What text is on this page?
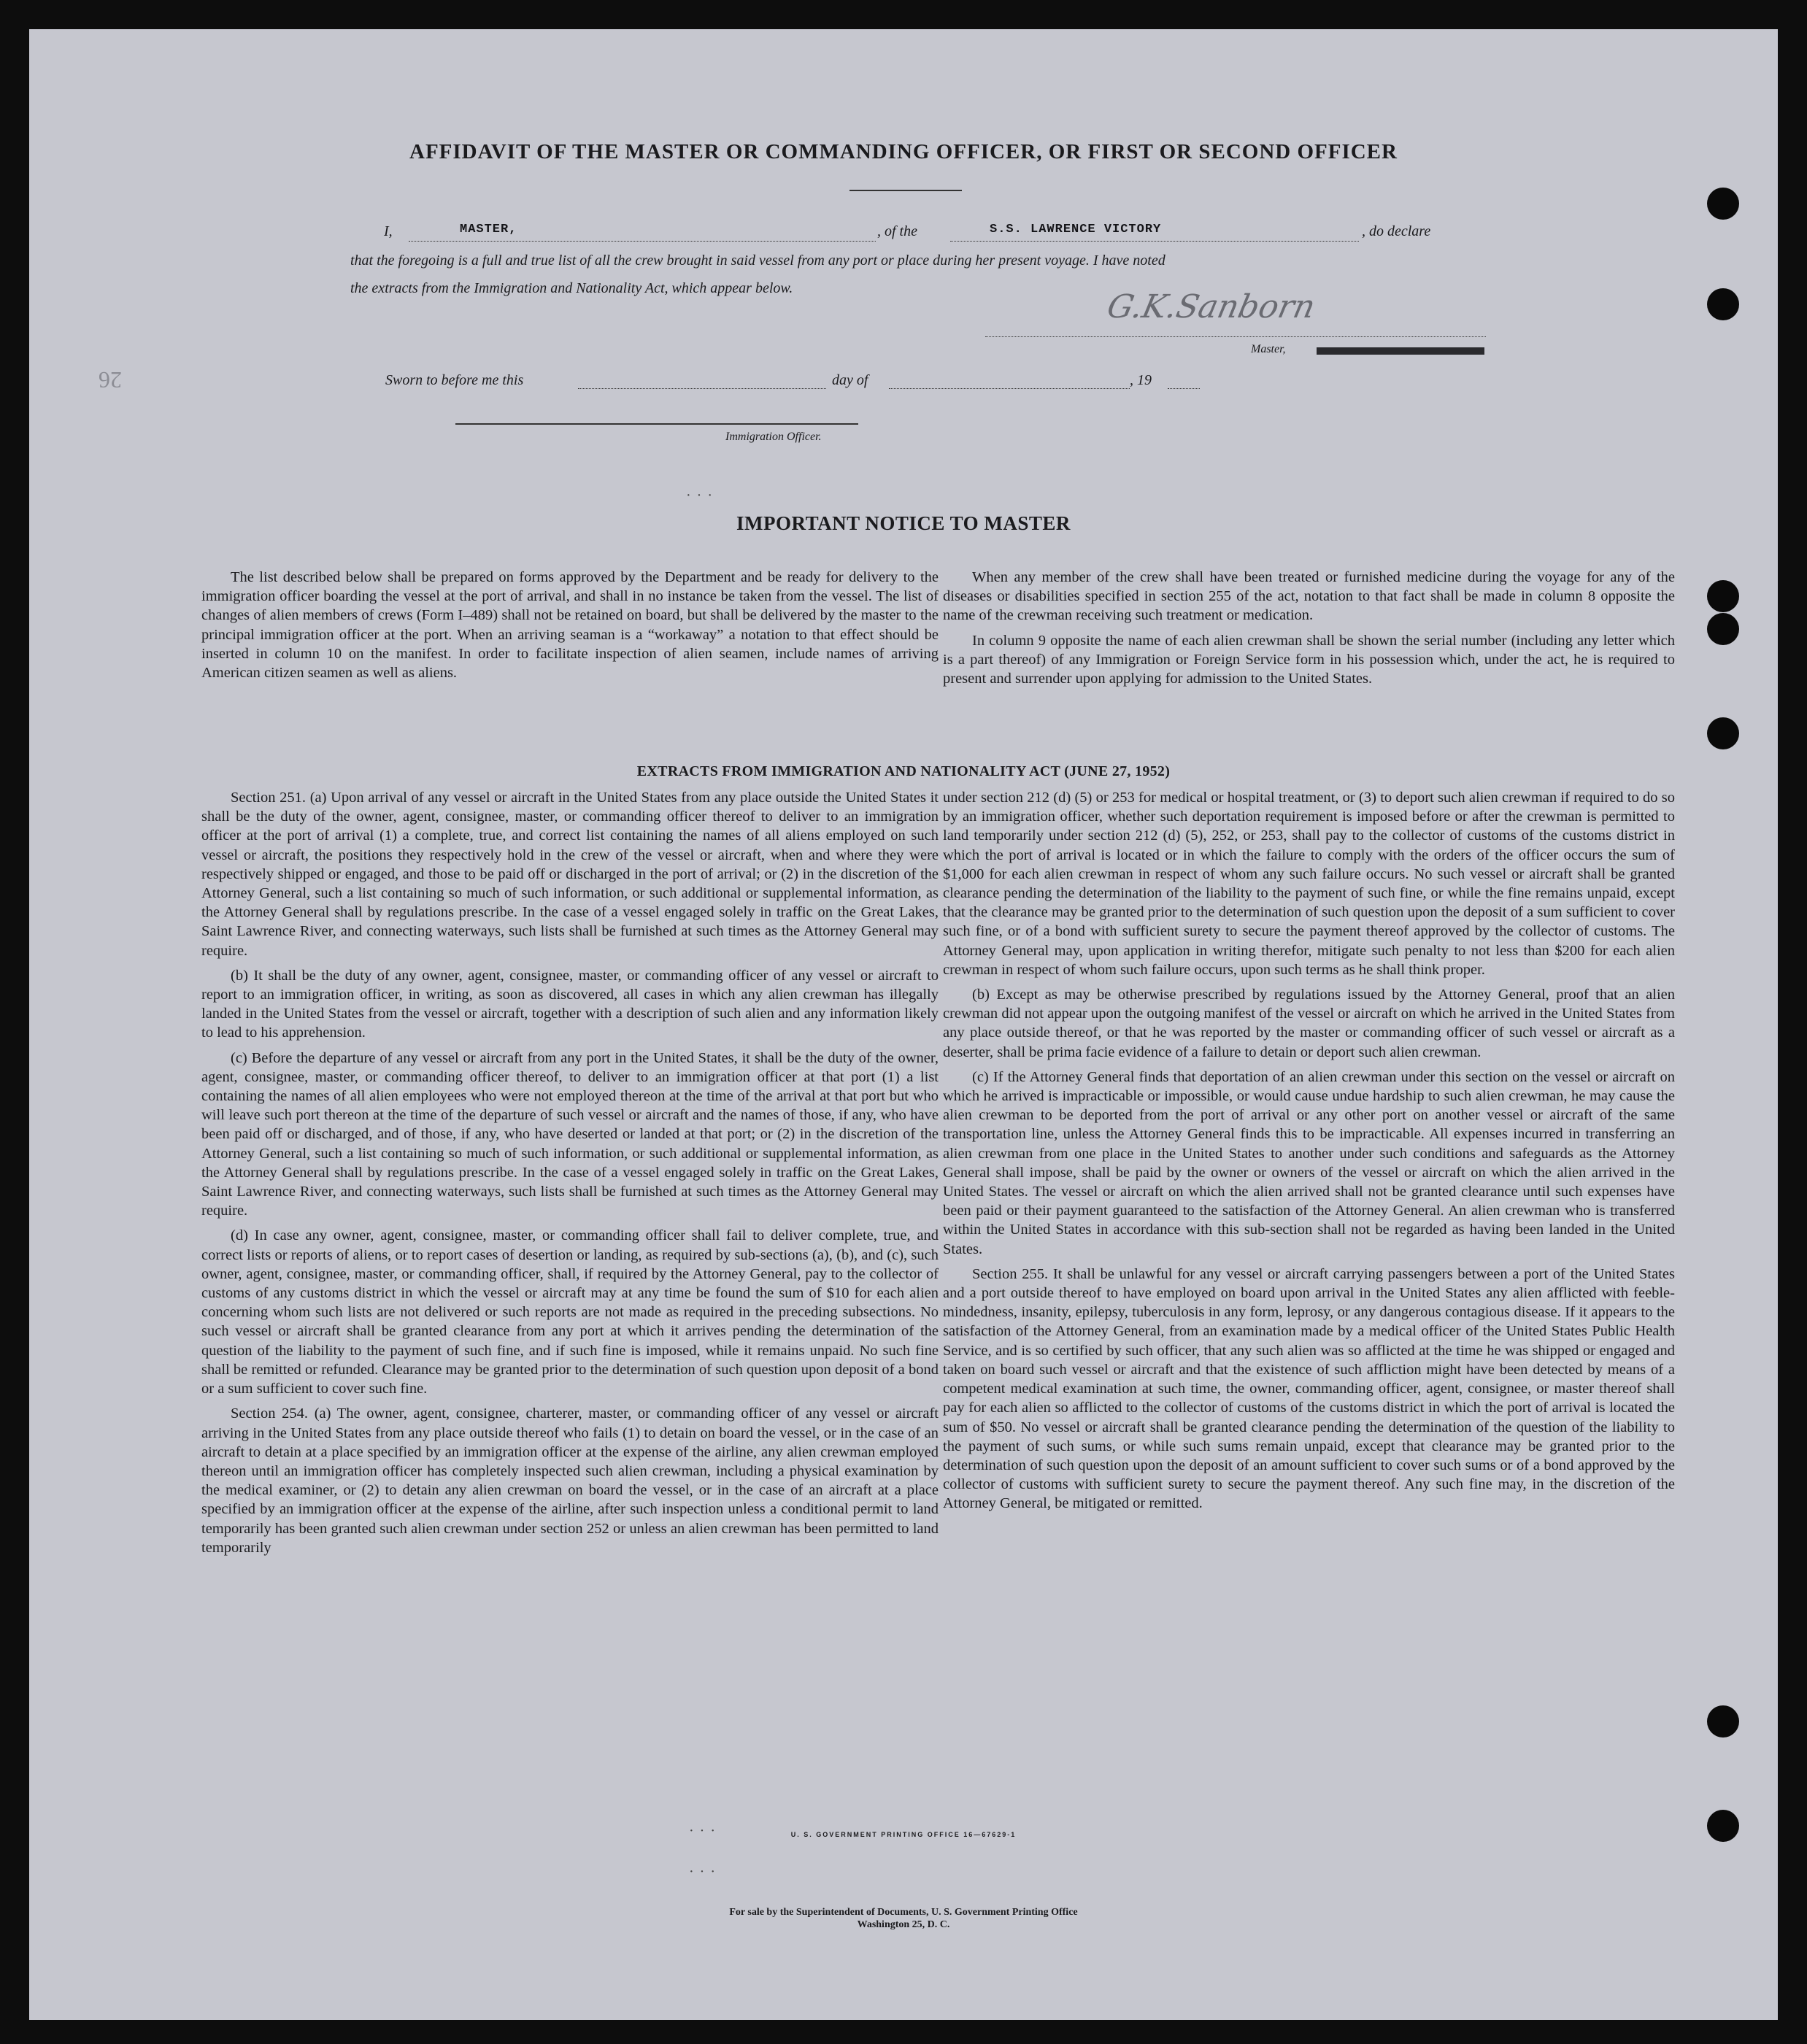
26
AFFIDAVIT OF THE MASTER OR COMMANDING OFFICER, OR FIRST OR SECOND OFFICER
I,	MASTER,	, of the	S.S. LAWRENCE VICTORY	, do declare
that the foregoing is a full and true list of all the crew brought in said vessel from any port or place during her present voyage. I have noted
the extracts from the Immigration and Nationality Act, which appear below.	G.K.Sanborn
Master,
Sworn to before me this	day of	, 19
Immigration Officer.
···
IMPORTANT NOTICE TO MASTER

The list described below shall be prepared on forms approved by the Department and be ready for delivery to the immigration officer boarding the vessel at the port of arrival, and shall in no instance be taken from the vessel. The list of changes of alien members of crews (Form I–489) shall not be retained on board, but shall be delivered by the master to the principal immigration officer at the port. When an arriving seaman is a “workaway” a notation to that effect should be inserted in column 10 on the manifest. In order to facilitate inspection of alien seamen, include names of arriving American citizen seamen as well as aliens.

When any member of the crew shall have been treated or furnished medicine during the voyage for any of the diseases or disabilities specified in section 255 of the act, notation to that fact shall be made in column 8 opposite the name of the crewman receiving such treatment or medication.

In column 9 opposite the name of each alien crewman shall be shown the serial number (including any letter which is a part thereof) of any Immigration or Foreign Service form in his possession which, under the act, he is required to present and surrender upon applying for admission to the United States.

EXTRACTS FROM IMMIGRATION AND NATIONALITY ACT (JUNE 27, 1952)

Section 251. (a) Upon arrival of any vessel or aircraft in the United States from any place outside the United States it shall be the duty of the owner, agent, consignee, master, or commanding officer thereof to deliver to an immigration officer at the port of arrival (1) a complete, true, and correct list containing the names of all aliens employed on such vessel or aircraft, the positions they respectively hold in the crew of the vessel or aircraft, when and where they were respectively shipped or engaged, and those to be paid off or discharged in the port of arrival; or (2) in the discretion of the Attorney General, such a list containing so much of such information, or such additional or supplemental information, as the Attorney General shall by regulations prescribe. In the case of a vessel engaged solely in traffic on the Great Lakes, Saint Lawrence River, and connecting waterways, such lists shall be furnished at such times as the Attorney General may require.

(b) It shall be the duty of any owner, agent, consignee, master, or commanding officer of any vessel or aircraft to report to an immigration officer, in writing, as soon as discovered, all cases in which any alien crewman has illegally landed in the United States from the vessel or aircraft, together with a description of such alien and any information likely to lead to his apprehension.

(c) Before the departure of any vessel or aircraft from any port in the United States, it shall be the duty of the owner, agent, consignee, master, or commanding officer thereof, to deliver to an immigration officer at that port (1) a list containing the names of all alien employees who were not employed thereon at the time of the arrival at that port but who will leave such port thereon at the time of the departure of such vessel or aircraft and the names of those, if any, who have been paid off or discharged, and of those, if any, who have deserted or landed at that port; or (2) in the discretion of the Attorney General, such a list containing so much of such information, or such additional or supplemental information, as the Attorney General shall by regulations prescribe. In the case of a vessel engaged solely in traffic on the Great Lakes, Saint Lawrence River, and connecting waterways, such lists shall be furnished at such times as the Attorney General may require.

(d) In case any owner, agent, consignee, master, or commanding officer shall fail to deliver complete, true, and correct lists or reports of aliens, or to report cases of desertion or landing, as required by sub-sections (a), (b), and (c), such owner, agent, consignee, master, or commanding officer, shall, if required by the Attorney General, pay to the collector of customs of any customs district in which the vessel or aircraft may at any time be found the sum of $10 for each alien concerning whom such lists are not delivered or such reports are not made as required in the preceding subsections. No such vessel or aircraft shall be granted clearance from any port at which it arrives pending the determination of the question of the liability to the payment of such fine, and if such fine is imposed, while it remains unpaid. No such fine shall be remitted or refunded. Clearance may be granted prior to the determination of such question upon deposit of a bond or a sum sufficient to cover such fine.

Section 254. (a) The owner, agent, consignee, charterer, master, or commanding officer of any vessel or aircraft arriving in the United States from any place outside thereof who fails (1) to detain on board the vessel, or in the case of an aircraft to detain at a place specified by an immigration officer at the expense of the airline, any alien crewman employed thereon until an immigration officer has completely inspected such alien crewman, including a physical examination by the medical examiner, or (2) to detain any alien crewman on board the vessel, or in the case of an aircraft at a place specified by an immigration officer at the expense of the airline, after such inspection unless a conditional permit to land temporarily has been granted such alien crewman under section 252 or unless an alien crewman has been permitted to land temporarily

under section 212 (d) (5) or 253 for medical or hospital treatment, or (3) to deport such alien crewman if required to do so by an immigration officer, whether such deportation requirement is imposed before or after the crewman is permitted to land temporarily under section 212 (d) (5), 252, or 253, shall pay to the collector of customs of the customs district in which the port of arrival is located or in which the failure to comply with the orders of the officer occurs the sum of $1,000 for each alien crewman in respect of whom any such failure occurs. No such vessel or aircraft shall be granted clearance pending the determination of the liability to the payment of such fine, or while the fine remains unpaid, except that the clearance may be granted prior to the determination of such question upon the deposit of a sum sufficient to cover such fine, or of a bond with sufficient surety to secure the payment thereof approved by the collector of customs. The Attorney General may, upon application in writing therefor, mitigate such penalty to not less than $200 for each alien crewman in respect of whom such failure occurs, upon such terms as he shall think proper.

(b) Except as may be otherwise prescribed by regulations issued by the Attorney General, proof that an alien crewman did not appear upon the outgoing manifest of the vessel or aircraft on which he arrived in the United States from any place outside thereof, or that he was reported by the master or commanding officer of such vessel or aircraft as a deserter, shall be prima facie evidence of a failure to detain or deport such alien crewman.

(c) If the Attorney General finds that deportation of an alien crewman under this section on the vessel or aircraft on which he arrived is impracticable or impossible, or would cause undue hardship to such alien crewman, he may cause the alien crewman to be deported from the port of arrival or any other port on another vessel or aircraft of the same transportation line, unless the Attorney General finds this to be impracticable. All expenses incurred in transferring an alien crewman from one place in the United States to another under such conditions and safeguards as the Attorney General shall impose, shall be paid by the owner or owners of the vessel or aircraft on which the alien arrived in the United States. The vessel or aircraft on which the alien arrived shall not be granted clearance until such expenses have been paid or their payment guaranteed to the satisfaction of the Attorney General. An alien crewman who is transferred within the United States in accordance with this sub-section shall not be regarded as having been landed in the United States.

Section 255. It shall be unlawful for any vessel or aircraft carrying passengers between a port of the United States and a port outside thereof to have employed on board upon arrival in the United States any alien afflicted with feeble-mindedness, insanity, epilepsy, tuberculosis in any form, leprosy, or any dangerous contagious disease. If it appears to the satisfaction of the Attorney General, from an examination made by a medical officer of the United States Public Health Service, and is so certified by such officer, that any such alien was so afflicted at the time he was shipped or engaged and taken on board such vessel or aircraft and that the existence of such affliction might have been detected by means of a competent medical examination at such time, the owner, commanding officer, agent, consignee, or master thereof shall pay for each alien so afflicted to the collector of customs of the customs district in which the port of arrival is located the sum of $50. No vessel or aircraft shall be granted clearance pending the determination of the question of the liability to the payment of such sums, or while such sums remain unpaid, except that clearance may be granted prior to the determination of such question upon the deposit of an amount sufficient to cover such sums or of a bond approved by the collector of customs with sufficient surety to secure the payment thereof. Any such fine may, in the discretion of the Attorney General, be mitigated or remitted.

···	U. S. GOVERNMENT PRINTING OFFICE 16—67629-1
···
For sale by the Superintendent of Documents, U. S. Government Printing Office
Washington 25, D. C.
